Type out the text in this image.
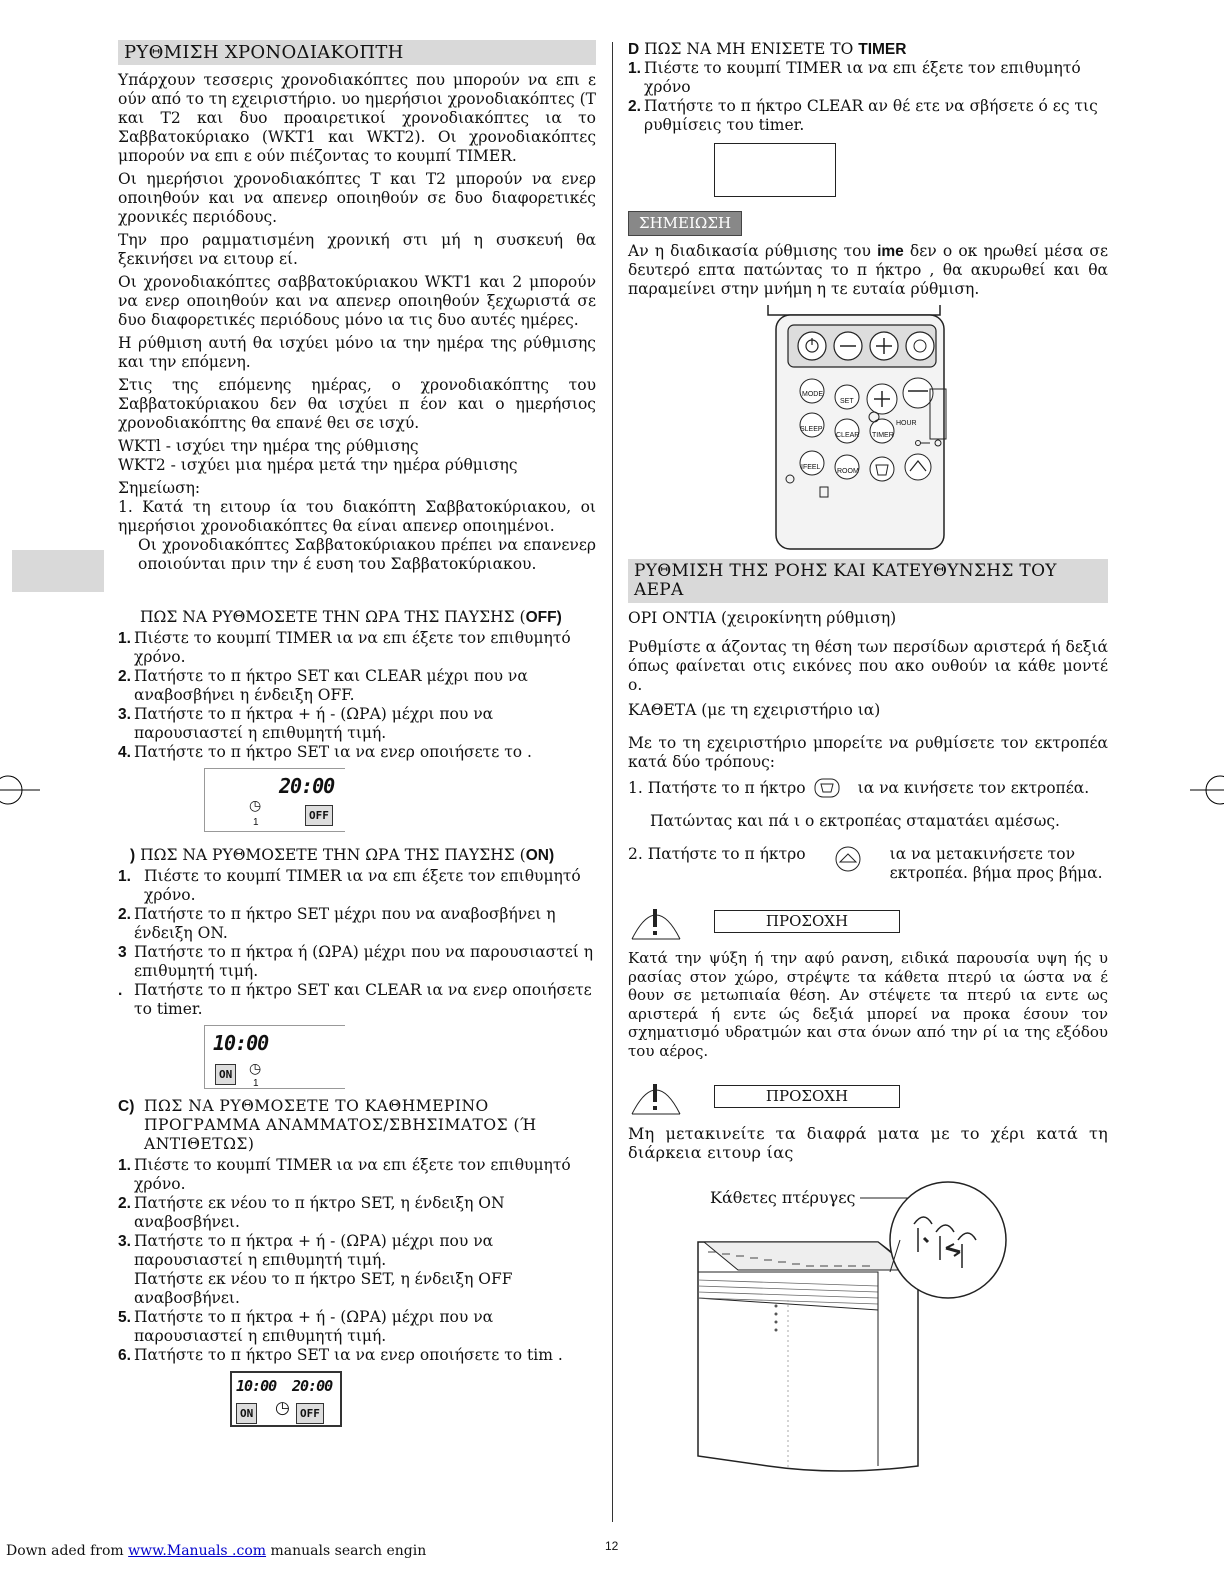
ΡΥΘΜΙΣΗ ΧΡΟΝΟΔΙΑΚΟΠΤΗ

Υπάρχουν τεσσερις χρονοδιακόπτες που μπορούν να επι ε ούν από το τη εχειριστήριο. υο ημερήσιοι χρονοδιακόπτες (Τ και Τ2 και δυο προαιρετικοί χρονοδιακόπτες ια το Σαββατοκύριακο (WKT1 και WKT2). Οι χρονοδιακόπτες μπορούν να επι ε ούν πιέζοντας το κουμπί TIMER.

Οι ημερήσιοι χρονοδιακόπτες Τ και Τ2 μπορούν να ενερ οποιηθούν και να απενερ οποιηθούν σε δυο διαφορετικές χρονικές περιόδους.

Την προ ραμματισμένη χρονική στι μή η συσκευή θα ξεκινήσει να ειτουρ εί.

Οι χρονοδιακόπτες σαββατοκύριακου WKT1 και 2 μπορούν να ενερ οποιηθούν και να απενερ οποιηθούν ξεχωριστά σε δυο διαφορετικές περιόδους μόνο ια τις δυο αυτές ημέρες.

Η ρύθμιση αυτή θα ισχύει μόνο ια την ημέρα της ρύθμισης και την επόμενη.

Στις της επόμενης ημέρας, ο χρονοδιακόπτης του Σαββατοκύριακου δεν θα ισχύει π έον και ο ημερήσιος χρονοδιακόπτης θα επανέ θει σε ισχύ.

WKTl - ισχύει την ημέρα της ρύθμισης

WKT2 - ισχύει μια ημέρα μετά την ημέρα ρύθμισης

Σημείωση:

1. Κατά τη ειτουρ ία του διακόπτη Σαββατοκύριακου, οι ημερήσιοι χρονοδιακόπτες θα είναι απενερ οποιημένοι.

Οι χρονοδιακόπτες Σαββατοκύριακου πρέπει να επανενερ οποιούνται πριν την έ ευση του Σαββατοκύριακου.

ΠΩΣ ΝΑ ΡΥΘΜΟΣΕΤΕ ΤΗΝ ΩΡΑ ΤΗΣ ΠΑΥΣΗΣ (OFF)
1. Πιέστε το κουμπί TIMER ια να επι έξετε τον επιθυμητό χρόνο.
2. Πατήστε το π ήκτρο SET και CLEAR μέχρι που να αναβοσβήνει η ένδειξη OFF.
3. Πατήστε το π ήκτρα + ή - (ΩΡΑ) μέχρι που να παρουσιαστεί η επιθυμητή τιμή.
4. Πατήστε το π ήκτρο SET ια να ενερ οποιήσετε το .
20:00
◷
1
OFF
) ΠΩΣ ΝΑ ΡΥΘΜΟΣΕΤΕ ΤΗΝ ΩΡΑ ΤΗΣ ΠΑΥΣΗΣ (ON)
1. Πιέστε το κουμπί TIMER ια να επι έξετε τον επιθυμητό χρόνο.
2. Πατήστε το π ήκτρο SET μέχρι που να αναβοσβήνει η ένδειξη ON.
3 Πατήστε το π ήκτρα ή (ΩΡΑ) μέχρι που να παρουσιαστεί η επιθυμητή τιμή.
. Πατήστε το π ήκτρο SET και CLEAR ια να ενερ οποιήσετε το timer.
10:00
ON ◷
1
C) ΠΩΣ ΝΑ ΡΥΘΜΟΣΕΤΕ ΤΟ ΚΑΘΗΜΕΡΙΝΟ ΠΡΟΓΡΑΜΜΑ ΑΝΑΜΜΑΤΟΣ/ΣΒΗΣΙΜΑΤΟΣ (Ή ΑΝΤΙΘΕΤΩΣ)
1. Πιέστε το κουμπί TIMER ια να επι έξετε τον επιθυμητό χρόνο.
2. Πατήστε εκ νέου το π ήκτρο SET, η ένδειξη ON αναβοσβήνει.
3. Πατήστε το π ήκτρα + ή - (ΩΡΑ) μέχρι που να παρουσιαστεί η επιθυμητή τιμή.
Πατήστε εκ νέου το π ήκτρο SET, η ένδειξη OFF αναβοσβήνει.
5. Πατήστε το π ήκτρα + ή - (ΩΡΑ) μέχρι που να παρουσιαστεί η επιθυμητή τιμή.
6. Πατήστε το π ήκτρο SET ια να ενερ οποιήσετε το tim .
10:00 20:00
ON ◷ OFF
D ΠΩΣ ΝΑ ΜΗ ΕΝΙΣΕΤΕ ΤΟ TIMER
1. Πιέστε το κουμπί TIMER ια να επι έξετε τον επιθυμητό χρόνο
2. Πατήστε το π ήκτρο CLEAR αν θέ ετε να σβήσετε ό ες τις ρυθμίσεις του timer.
ΣΗΜΕΙΩΣΗ

Αν η διαδικασία ρύθμισης του ime δεν ο οκ ηρωθεί μέσα σε δευτερό επτα πατώντας το π ήκτρο , θα ακυρωθεί και θα παραμείνει στην μνήμη η τε ευταία ρύθμιση.

MODE
SET
SLEEP
CLEAR TIMER
IFEEL
ROOM
HOUR
ΡΥΘΜΙΣΗ ΤΗΣ ΡΟΗΣ ΚΑΙ ΚΑΤΕΥΘΥΝΣΗΣ ΤΟΥ ΑΕΡΑ

ΟΡΙ ΟΝΤΙΑ (χειροκίνητη ρύθμιση)

Ρυθμίστε α άζοντας τη θέση των περσίδων αριστερά ή δεξιά όπως φαίνεται οτις εικόνες που ακο ουθούν ια κάθε μοντέ ο.

ΚΑΘΕΤΑ (με τη εχειριστήριο ια)

Με το τη εχειριστήριο μπορείτε να ρυθμίσετε τον εκτροπέα κατά δύο τρόπους:

1. Πατήστε το π ήκτρο	ια να κινήσετε τον εκτροπέα.

Πατώντας και πά ι ο εκτροπέας σταματάει αμέσως.

2. Πατήστε το π ήκτρο	ια να μετακινήσετε τον εκτροπέα. βήμα προς βήμα.
ΠΡΟΣΟΧΗ

Κατά την ψύξη ή την αφύ ρανση, ειδικά παρουσία υψη ής υ ρασίας στον χώρο, στρέψτε τα κάθετα πτερύ ια ώστα να έ θουν σε μετωπιαία θέση. Αν στέψετε τα πτερύ ια εντε ως αριστερά ή εντε ώς δεξιά μπορεί να προκα έσουν τον σχηματισμό υδρατμών και στα όνων από την ρί ια της εξόδου του αέρος.

ΠΡΟΣΟΧΗ

Μη μετακινείτε τα διαφρά ματα με το χέρι κατά τη διάρκεια ειτουρ ίας

Κάθετες πτέρυγες
Down aded from www.Manuals .com manuals search engin	12
